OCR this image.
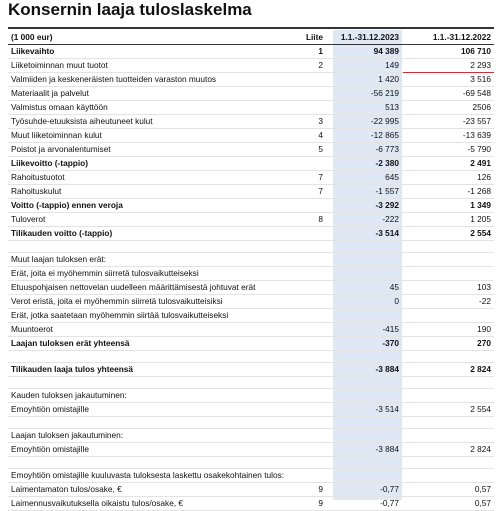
Konsernin laaja tuloslaskelma
(1 000 eur)	Liite	1.1.-31.12.2023	1.1.-31.12.2022
Liikevaihto	1	94 389	106 710
Liiketoiminnan muut tuotot	2	149	2 293
Valmiiden ja keskeneräisten tuotteiden varaston muutos		1 420	3 516
Materiaalit ja palvelut		-56 219	-69 548
Valmistus omaan käyttöön		513	2506
Työsuhde-etuuksista aiheutuneet kulut	3	-22 995	-23 557
Muut liiketoiminnan kulut	4	-12 865	-13 639
Poistot ja arvonalentumiset	5	-6 773	-5 790
Liikevoitto (-tappio)		-2 380	2 491
Rahoitustuotot	7	645	126
Rahoituskulut	7	-1 557	-1 268
Voitto (-tappio) ennen veroja		-3 292	1 349
Tuloverot	8	-222	1 205
Tilikauden voitto (-tappio)		-3 514	2 554

Muut laajan tuloksen erät:			
Erät, joita ei myöhemmin siirretä tulosvaikutteiseksi			
Etuuspohjaisen nettovelan uudelleen määrittämisestä johtuvat erät		45	103
Verot eristä, joita ei myöhemmin siirretä tulosvaikutteisiksi		0	-22
Erät, jotka saatetaan myöhemmin siirtää tulosvaikutteiseksi			
Muuntoerot		-415	190
Laajan tuloksen erät yhteensä		-370	270

Tilikauden laaja tulos yhteensä		-3 884	2 824

Kauden tuloksen jakautuminen:			
Emoyhtiön omistajille		-3 514	2 554

Laajan tuloksen jakautuminen:			
Emoyhtiön omistajille		-3 884	2 824

Emoyhtiön omistajille kuuluvasta tuloksesta laskettu osakekohtainen tulos:			
Laimentamaton tulos/osake, €	9	-0,77	0,57
Laimennusvaikutuksella oikaistu tulos/osake, €	9	-0,77	0,57
